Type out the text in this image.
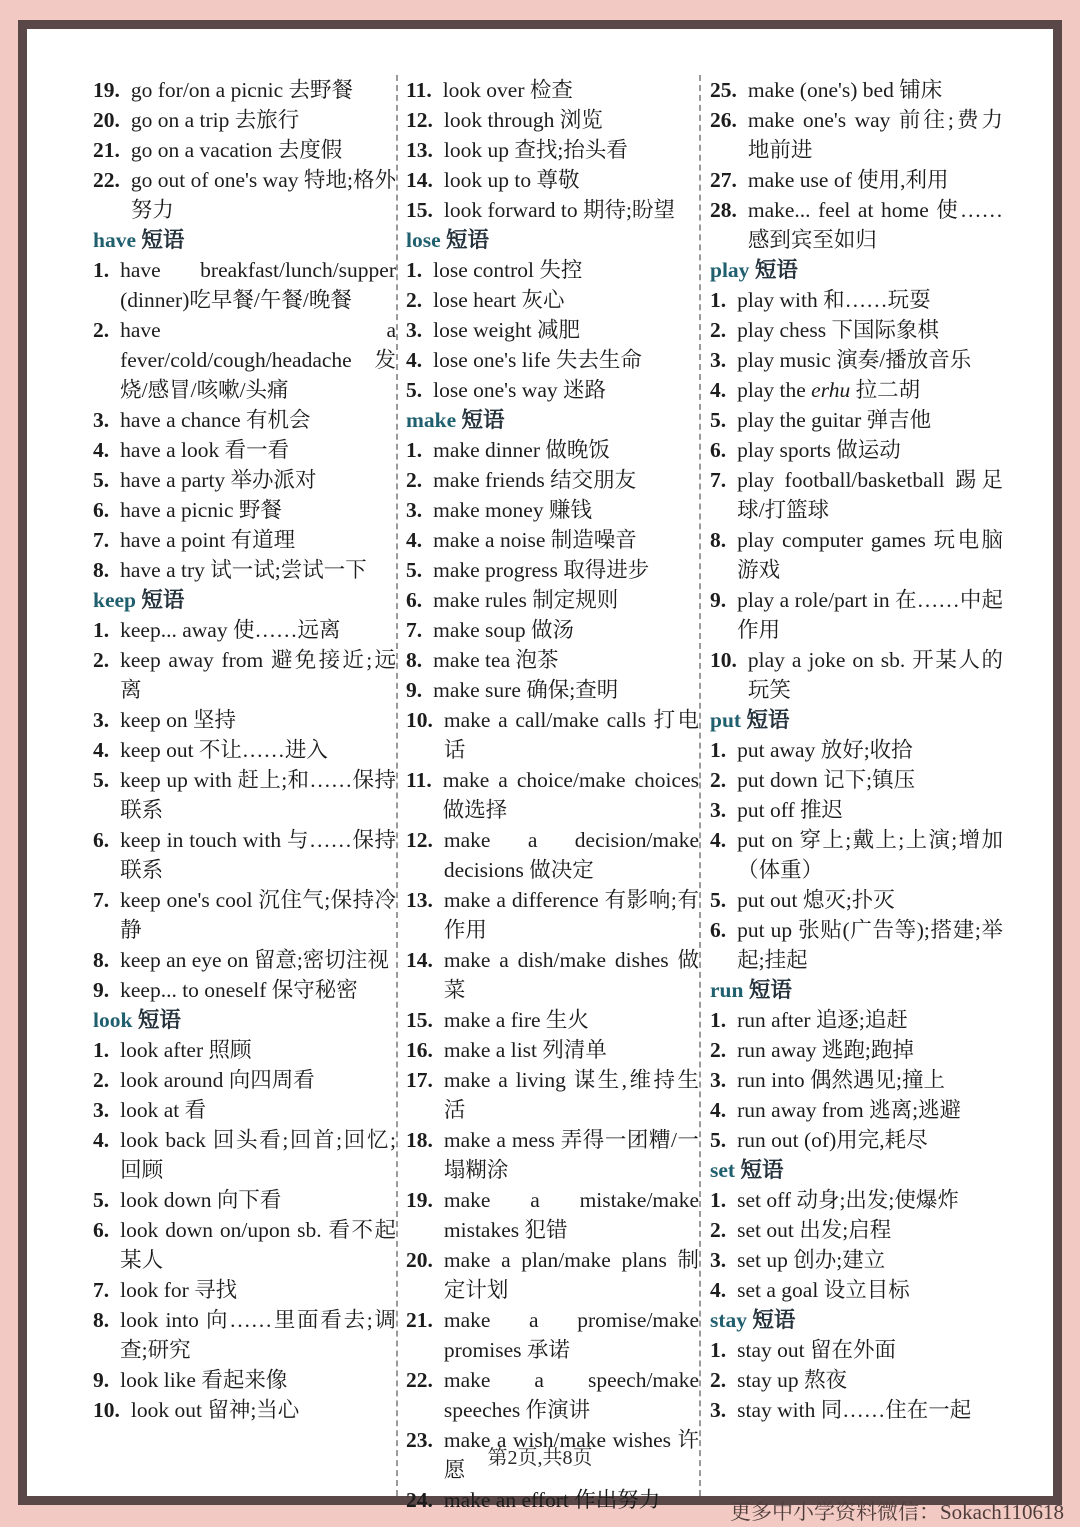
19. go for/on a picnic 去野餐
20. go on a trip 去旅行
21. go on a vacation 去度假
22. go out of one's way 特地;格外努力
have 短语
1. have breakfast/lunch/supper (dinner)吃早餐/午餐/晚餐
2. have a fever/cold/cough/headache 发烧/感冒/咳嗽/头痛
3. have a chance 有机会
4. have a look 看一看
5. have a party 举办派对
6. have a picnic 野餐
7. have a point 有道理
8. have a try 试一试;尝试一下
keep 短语
1. keep... away 使……远离
2. keep away from 避免接近;远离
3. keep on 坚持
4. keep out 不让……进入
5. keep up with 赶上;和……保持联系
6. keep in touch with 与……保持联系
7. keep one's cool 沉住气;保持冷静
8. keep an eye on 留意;密切注视
9. keep... to oneself 保守秘密
look 短语
1. look after 照顾
2. look around 向四周看
3. look at 看
4. look back 回头看;回首;回忆;回顾
5. look down 向下看
6. look down on/upon sb. 看不起某人
7. look for 寻找
8. look into 向……里面看去;调查;研究
9. look like 看起来像
10. look out 留神;当心
11. look over 检查
12. look through 浏览
13. look up 查找;抬头看
14. look up to 尊敬
15. look forward to 期待;盼望
lose 短语
1. lose control 失控
2. lose heart 灰心
3. lose weight 减肥
4. lose one's life 失去生命
5. lose one's way 迷路
make 短语
1. make dinner 做晚饭
2. make friends 结交朋友
3. make money 赚钱
4. make a noise 制造噪音
5. make progress 取得进步
6. make rules 制定规则
7. make soup 做汤
8. make tea 泡茶
9. make sure 确保;查明
10. make a call/make calls 打电话
11. make a choice/make choices 做选择
12. make a decision/make decisions 做决定
13. make a difference 有影响;有作用
14. make a dish/make dishes 做菜
15. make a fire 生火
16. make a list 列清单
17. make a living 谋生,维持生活
18. make a mess 弄得一团糟/一塌糊涂
19. make a mistake/make mistakes 犯错
20. make a plan/make plans 制定计划
21. make a promise/make promises 承诺
22. make a speech/make speeches 作演讲
23. make a wish/make wishes 许愿
24. make an effort 作出努力
25. make (one's) bed 铺床
26. make one's way 前往;费力地前进
27. make use of 使用,利用
28. make... feel at home 使……感到宾至如归
play 短语
1. play with 和……玩耍
2. play chess 下国际象棋
3. play music 演奏/播放音乐
4. play the erhu 拉二胡
5. play the guitar 弹吉他
6. play sports 做运动
7. play football/basketball 踢足球/打篮球
8. play computer games 玩电脑游戏
9. play a role/part in 在……中起作用
10. play a joke on sb. 开某人的玩笑
put 短语
1. put away 放好;收拾
2. put down 记下;镇压
3. put off 推迟
4. put on 穿上;戴上;上演;增加（体重）
5. put out 熄灭;扑灭
6. put up 张贴(广告等);搭建;举起;挂起
run 短语
1. run after 追逐;追赶
2. run away 逃跑;跑掉
3. run into 偶然遇见;撞上
4. run away from 逃离;逃避
5. run out (of)用完,耗尽
set 短语
1. set off 动身;出发;使爆炸
2. set out 出发;启程
3. set up 创办;建立
4. set a goal 设立目标
stay 短语
1. stay out 留在外面
2. stay up 熬夜
3. stay with 同……住在一起
第2页,共8页
更多中小学资料微信：Sokach110618
